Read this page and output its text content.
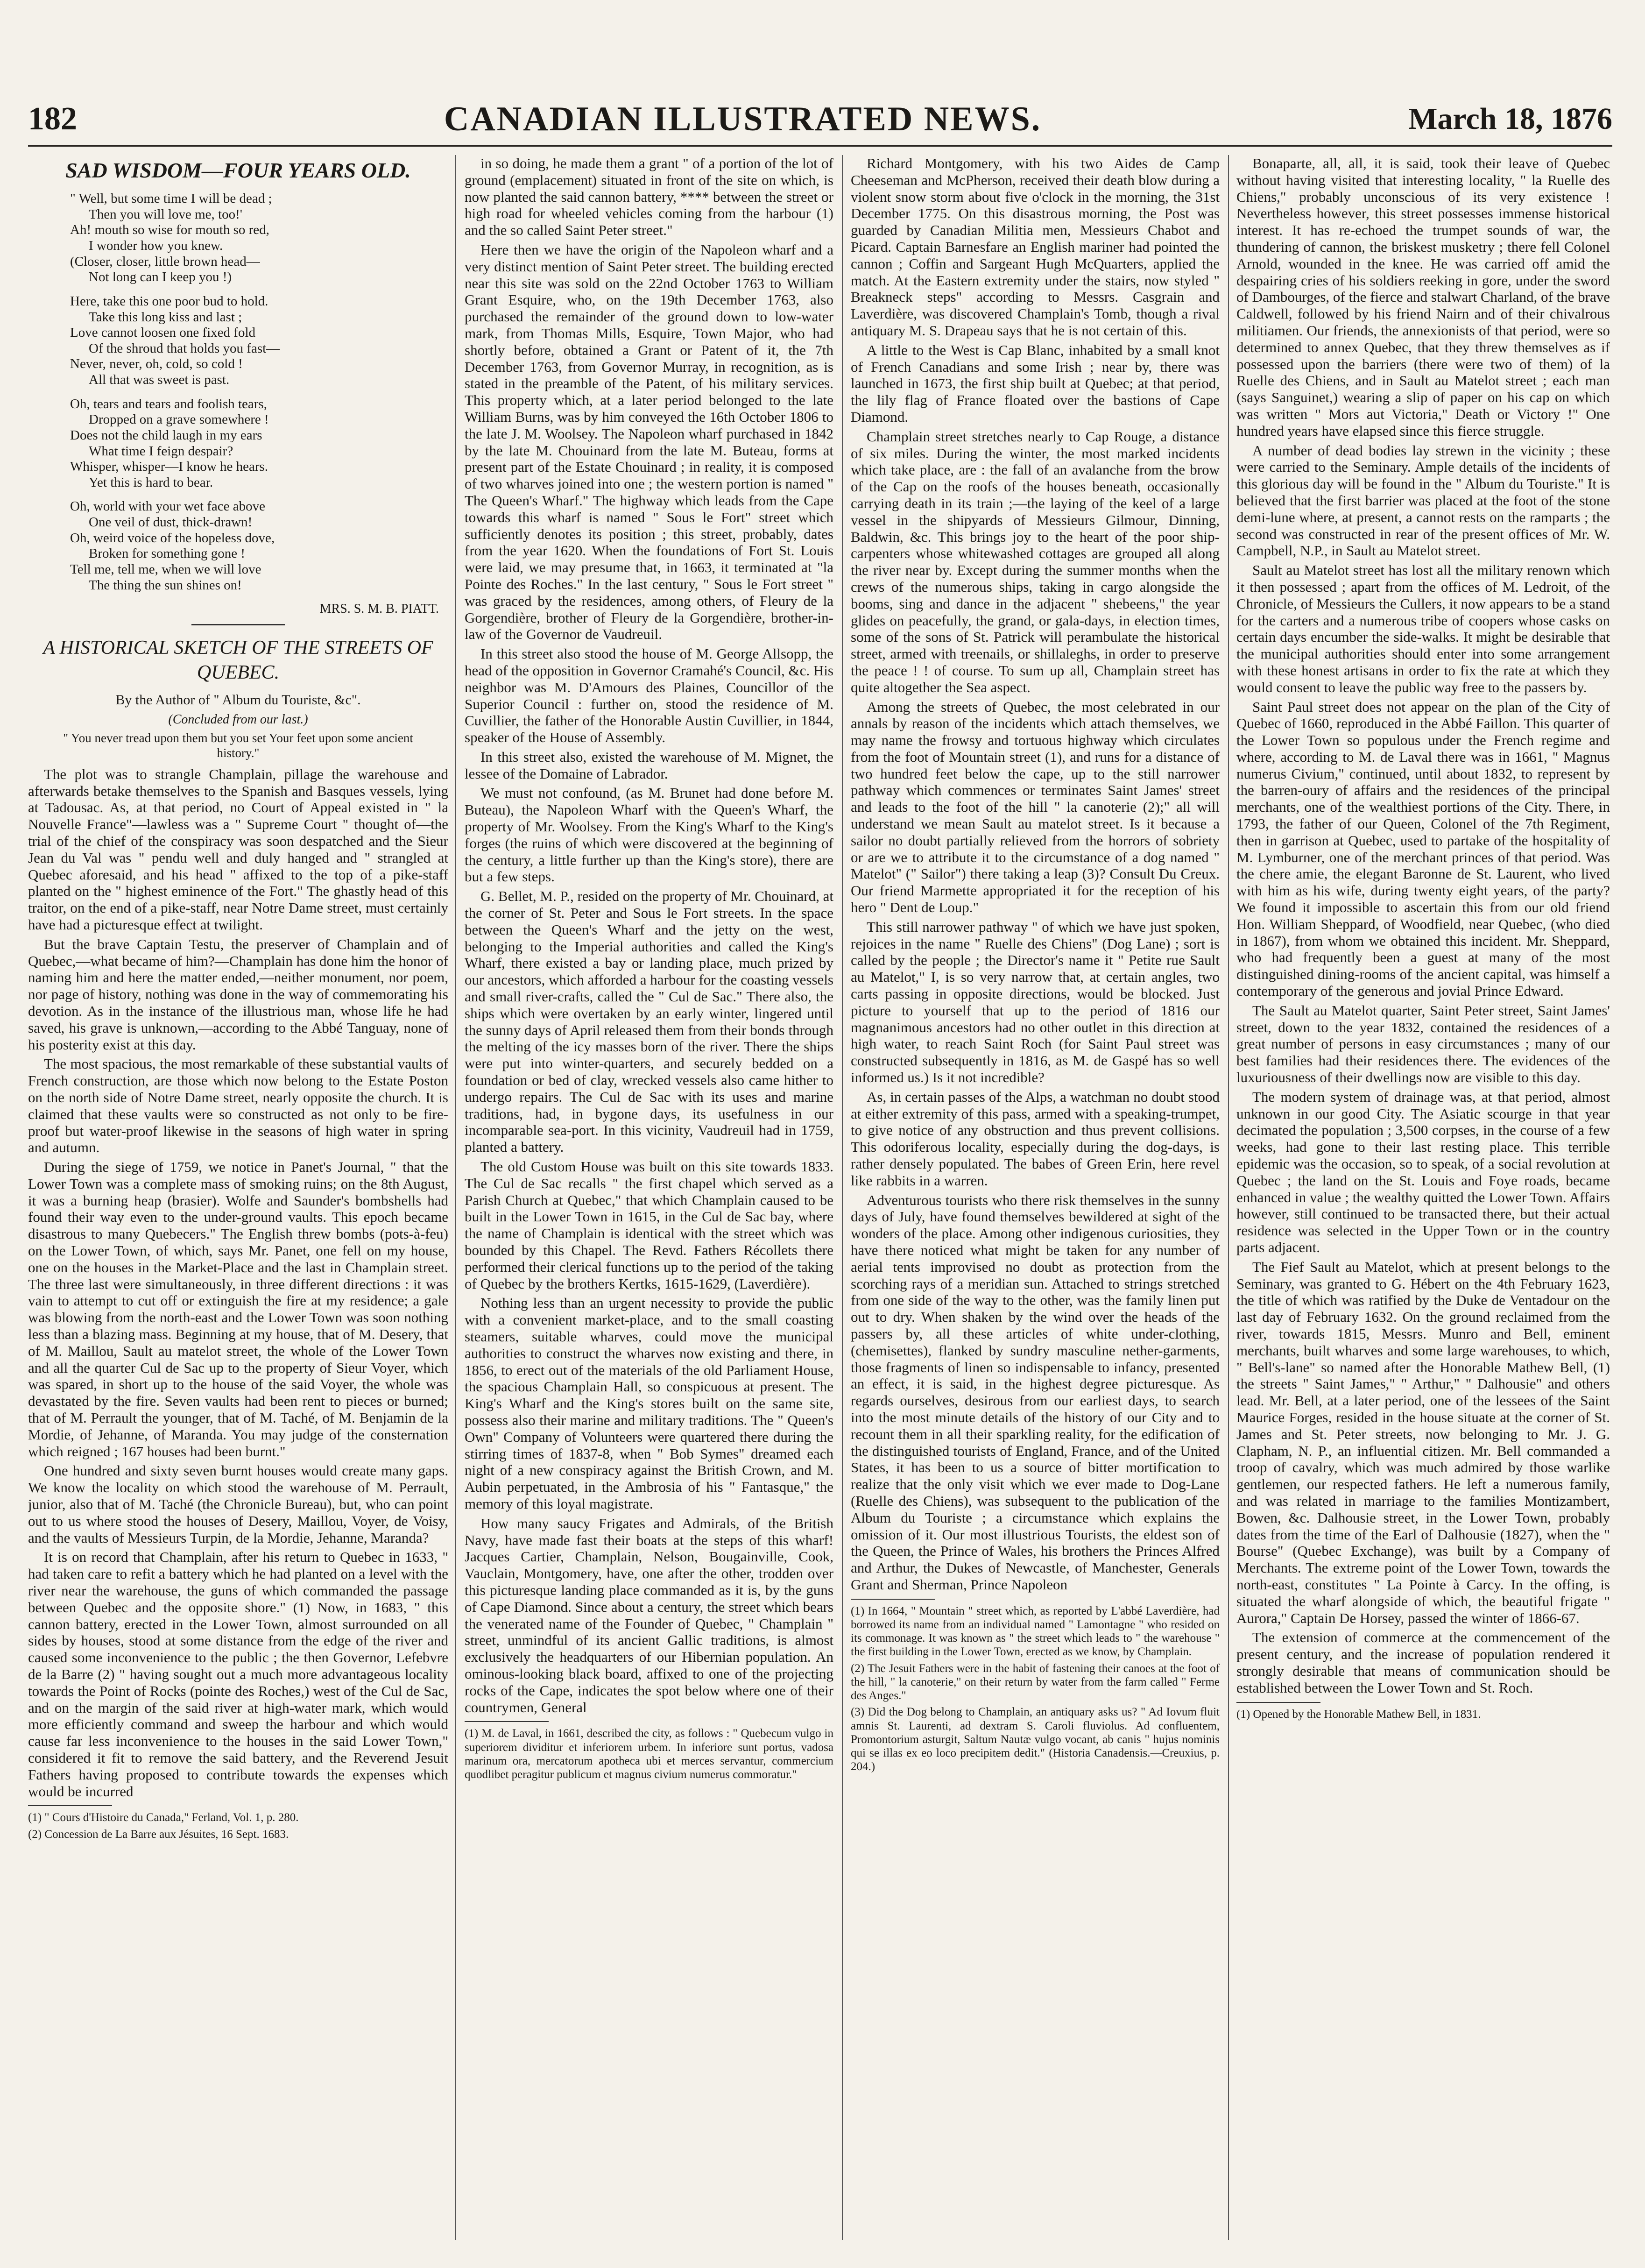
182	CANADIAN ILLUSTRATED NEWS.	March 18, 1876
SAD WISDOM—FOUR YEARS OLD.
" Well, but some time I will be dead ;
Then you will love me, too!'
Ah! mouth so wise for mouth so red,
I wonder how you knew.
(Closer, closer, little brown head—
Not long can I keep you !)
Here, take this one poor bud to hold.
Take this long kiss and last ;
Love cannot loosen one fixed fold
Of the shroud that holds you fast—
Never, never, oh, cold, so cold !
All that was sweet is past.
Oh, tears and tears and foolish tears,
Dropped on a grave somewhere !
Does not the child laugh in my ears
What time I feign despair?
Whisper, whisper—I know he hears.
Yet this is hard to bear.
Oh, world with your wet face above
One veil of dust, thick-drawn!
Oh, weird voice of the hopeless dove,
Broken for something gone !
Tell me, tell me, when we will love
The thing the sun shines on!
MRS. S. M. B. PIATT.
A HISTORICAL SKETCH OF THE STREETS OF QUEBEC.
By the Author of " Album du Touriste, &c".
(Concluded from our last.)
" You never tread upon them but you set Your feet upon some ancient history."

The plot was to strangle Champlain, pillage the warehouse and afterwards betake themselves to the Spanish and Basques vessels, lying at Tadousac. As, at that period, no Court of Appeal existed in " la Nouvelle France"—lawless was a " Supreme Court " thought of—the trial of the chief of the conspiracy was soon despatched and the Sieur Jean du Val was " pendu well and duly hanged and " strangled at Quebec aforesaid, and his head " affixed to the top of a pike-staff planted on the " highest eminence of the Fort." The ghastly head of this traitor, on the end of a pike-staff, near Notre Dame street, must certainly have had a picturesque effect at twilight.

But the brave Captain Testu, the preserver of Champlain and of Quebec,—what became of him?—Champlain has done him the honor of naming him and here the matter ended,—neither monument, nor poem, nor page of history, nothing was done in the way of commemorating his devotion. As in the instance of the illustrious man, whose life he had saved, his grave is unknown,—according to the Abbé Tanguay, none of his posterity exist at this day.

The most spacious, the most remarkable of these substantial vaults of French construction, are those which now belong to the Estate Poston on the north side of Notre Dame street, nearly opposite the church. It is claimed that these vaults were so constructed as not only to be fire-proof but water-proof likewise in the seasons of high water in spring and autumn.

During the siege of 1759, we notice in Panet's Journal, " that the Lower Town was a complete mass of smoking ruins; on the 8th August, it was a burning heap (brasier). Wolfe and Saunder's bombshells had found their way even to the under-ground vaults. This epoch became disastrous to many Quebecers." The English threw bombs (pots-à-feu) on the Lower Town, of which, says Mr. Panet, one fell on my house, one on the houses in the Market-Place and the last in Champlain street. The three last were simultaneously, in three different directions : it was vain to attempt to cut off or extinguish the fire at my residence; a gale was blowing from the north-east and the Lower Town was soon nothing less than a blazing mass. Beginning at my house, that of M. Desery, that of M. Maillou, Sault au matelot street, the whole of the Lower Town and all the quarter Cul de Sac up to the property of Sieur Voyer, which was spared, in short up to the house of the said Voyer, the whole was devastated by the fire. Seven vaults had been rent to pieces or burned; that of M. Perrault the younger, that of M. Taché, of M. Benjamin de la Mordie, of Jehanne, of Maranda. You may judge of the consternation which reigned ; 167 houses had been burnt."

One hundred and sixty seven burnt houses would create many gaps. We know the locality on which stood the warehouse of M. Perrault, junior, also that of M. Taché (the Chronicle Bureau), but, who can point out to us where stood the houses of Desery, Maillou, Voyer, de Voisy, and the vaults of Messieurs Turpin, de la Mordie, Jehanne, Maranda?

It is on record that Champlain, after his return to Quebec in 1633, " had taken care to refit a battery which he had planted on a level with the river near the warehouse, the guns of which commanded the passage between Quebec and the opposite shore." (1) Now, in 1683, " this cannon battery, erected in the Lower Town, almost surrounded on all sides by houses, stood at some distance from the edge of the river and caused some inconvenience to the public ; the then Governor, Lefebvre de la Barre (2) " having sought out a much more advantageous locality towards the Point of Rocks (pointe des Roches,) west of the Cul de Sac, and on the margin of the said river at high-water mark, which would more efficiently command and sweep the harbour and which would cause far less inconvenience to the houses in the said Lower Town," considered it fit to remove the said battery, and the Reverend Jesuit Fathers having proposed to contribute towards the expenses which would be incurred

(1) " Cours d'Histoire du Canada," Ferland, Vol. 1, p. 280.

(2) Concession de La Barre aux Jésuites, 16 Sept. 1683.

in so doing, he made them a grant " of a portion of the lot of ground (emplacement) situated in front of the site on which, is now planted the said cannon battery, **** between the street or high road for wheeled vehicles coming from the harbour (1) and the so called Saint Peter street."

Here then we have the origin of the Napoleon wharf and a very distinct mention of Saint Peter street. The building erected near this site was sold on the 22nd October 1763 to William Grant Esquire, who, on the 19th December 1763, also purchased the remainder of the ground down to low-water mark, from Thomas Mills, Esquire, Town Major, who had shortly before, obtained a Grant or Patent of it, the 7th December 1763, from Governor Murray, in recognition, as is stated in the preamble of the Patent, of his military services. This property which, at a later period belonged to the late William Burns, was by him conveyed the 16th October 1806 to the late J. M. Woolsey. The Napoleon wharf purchased in 1842 by the late M. Chouinard from the late M. Buteau, forms at present part of the Estate Chouinard ; in reality, it is composed of two wharves joined into one ; the western portion is named " The Queen's Wharf." The highway which leads from the Cape towards this wharf is named " Sous le Fort" street which sufficiently denotes its position ; this street, probably, dates from the year 1620. When the foundations of Fort St. Louis were laid, we may presume that, in 1663, it terminated at "la Pointe des Roches." In the last century, " Sous le Fort street " was graced by the residences, among others, of Fleury de la Gorgendière, brother of Fleury de la Gorgendière, brother-in-law of the Governor de Vaudreuil.

In this street also stood the house of M. George Allsopp, the head of the opposition in Governor Cramahé's Council, &c. His neighbor was M. D'Amours des Plaines, Councillor of the Superior Council : further on, stood the residence of M. Cuvillier, the father of the Honorable Austin Cuvillier, in 1844, speaker of the House of Assembly.

In this street also, existed the warehouse of M. Mignet, the lessee of the Domaine of Labrador.

We must not confound, (as M. Brunet had done before M. Buteau), the Napoleon Wharf with the Queen's Wharf, the property of Mr. Woolsey. From the King's Wharf to the King's forges (the ruins of which were discovered at the beginning of the century, a little further up than the King's store), there are but a few steps.

G. Bellet, M. P., resided on the property of Mr. Chouinard, at the corner of St. Peter and Sous le Fort streets. In the space between the Queen's Wharf and the jetty on the west, belonging to the Imperial authorities and called the King's Wharf, there existed a bay or landing place, much prized by our ancestors, which afforded a harbour for the coasting vessels and small river-crafts, called the " Cul de Sac." There also, the ships which were overtaken by an early winter, lingered until the sunny days of April released them from their bonds through the melting of the icy masses born of the river. There the ships were put into winter-quarters, and securely bedded on a foundation or bed of clay, wrecked vessels also came hither to undergo repairs. The Cul de Sac with its uses and marine traditions, had, in bygone days, its usefulness in our incomparable sea-port. In this vicinity, Vaudreuil had in 1759, planted a battery.

The old Custom House was built on this site towards 1833. The Cul de Sac recalls " the first chapel which served as a Parish Church at Quebec," that which Champlain caused to be built in the Lower Town in 1615, in the Cul de Sac bay, where the name of Champlain is identical with the street which was bounded by this Chapel. The Revd. Fathers Récollets there performed their clerical functions up to the period of the taking of Quebec by the brothers Kertks, 1615-1629, (Laverdière).

Nothing less than an urgent necessity to provide the public with a convenient market-place, and to the small coasting steamers, suitable wharves, could move the municipal authorities to construct the wharves now existing and there, in 1856, to erect out of the materials of the old Parliament House, the spacious Champlain Hall, so conspicuous at present. The King's Wharf and the King's stores built on the same site, possess also their marine and military traditions. The " Queen's Own" Company of Volunteers were quartered there during the stirring times of 1837-8, when " Bob Symes" dreamed each night of a new conspiracy against the British Crown, and M. Aubin perpetuated, in the Ambrosia of his " Fantasque," the memory of this loyal magistrate.

How many saucy Frigates and Admirals, of the British Navy, have made fast their boats at the steps of this wharf! Jacques Cartier, Champlain, Nelson, Bougainville, Cook, Vauclain, Montgomery, have, one after the other, trodden over this picturesque landing place commanded as it is, by the guns of Cape Diamond. Since about a century, the street which bears the venerated name of the Founder of Quebec, " Champlain " street, unmindful of its ancient Gallic traditions, is almost exclusively the headquarters of our Hibernian population. An ominous-looking black board, affixed to one of the projecting rocks of the Cape, indicates the spot below where one of their countrymen, General

(1) M. de Laval, in 1661, described the city, as follows : " Quebecum vulgo in superiorem dividitur et inferiorem urbem. In inferiore sunt portus, vadosa marinum ora, mercatorum apotheca ubi et merces servantur, commercium quodlibet peragitur publicum et magnus civium numerus commoratur."

Richard Montgomery, with his two Aides de Camp Cheeseman and McPherson, received their death blow during a violent snow storm about five o'clock in the morning, the 31st December 1775. On this disastrous morning, the Post was guarded by Canadian Militia men, Messieurs Chabot and Picard. Captain Barnesfare an English mariner had pointed the cannon ; Coffin and Sargeant Hugh McQuarters, applied the match. At the Eastern extremity under the stairs, now styled " Breakneck steps" according to Messrs. Casgrain and Laverdière, was discovered Champlain's Tomb, though a rival antiquary M. S. Drapeau says that he is not certain of this.

A little to the West is Cap Blanc, inhabited by a small knot of French Canadians and some Irish ; near by, there was launched in 1673, the first ship built at Quebec; at that period, the lily flag of France floated over the bastions of Cape Diamond.

Champlain street stretches nearly to Cap Rouge, a distance of six miles. During the winter, the most marked incidents which take place, are : the fall of an avalanche from the brow of the Cap on the roofs of the houses beneath, occasionally carrying death in its train ;—the laying of the keel of a large vessel in the shipyards of Messieurs Gilmour, Dinning, Baldwin, &c. This brings joy to the heart of the poor ship-carpenters whose whitewashed cottages are grouped all along the river near by. Except during the summer months when the crews of the numerous ships, taking in cargo alongside the booms, sing and dance in the adjacent " shebeens," the year glides on peacefully, the grand, or gala-days, in election times, some of the sons of St. Patrick will perambulate the historical street, armed with treenails, or shillaleghs, in order to preserve the peace ! ! of course. To sum up all, Champlain street has quite altogether the Sea aspect.

Among the streets of Quebec, the most celebrated in our annals by reason of the incidents which attach themselves, we may name the frowsy and tortuous highway which circulates from the foot of Mountain street (1), and runs for a distance of two hundred feet below the cape, up to the still narrower pathway which commences or terminates Saint James' street and leads to the foot of the hill " la canoterie (2);" all will understand we mean Sault au matelot street. Is it because a sailor no doubt partially relieved from the horrors of sobriety or are we to attribute it to the circumstance of a dog named " Matelot" (" Sailor") there taking a leap (3)? Consult Du Creux. Our friend Marmette appropriated it for the reception of his hero " Dent de Loup."

This still narrower pathway " of which we have just spoken, rejoices in the name " Ruelle des Chiens" (Dog Lane) ; sort is called by the people ; the Director's name it " Petite rue Sault au Matelot," I, is so very narrow that, at certain angles, two carts passing in opposite directions, would be blocked. Just picture to yourself that up to the period of 1816 our magnanimous ancestors had no other outlet in this direction at high water, to reach Saint Roch (for Saint Paul street was constructed subsequently in 1816, as M. de Gaspé has so well informed us.) Is it not incredible?

As, in certain passes of the Alps, a watchman no doubt stood at either extremity of this pass, armed with a speaking-trumpet, to give notice of any obstruction and thus prevent collisions. This odoriferous locality, especially during the dog-days, is rather densely populated. The babes of Green Erin, here revel like rabbits in a warren.

Adventurous tourists who there risk themselves in the sunny days of July, have found themselves bewildered at sight of the wonders of the place. Among other indigenous curiosities, they have there noticed what might be taken for any number of aerial tents improvised no doubt as protection from the scorching rays of a meridian sun. Attached to strings stretched from one side of the way to the other, was the family linen put out to dry. When shaken by the wind over the heads of the passers by, all these articles of white under-clothing, (chemisettes), flanked by sundry masculine nether-garments, those fragments of linen so indispensable to infancy, presented an effect, it is said, in the highest degree picturesque. As regards ourselves, desirous from our earliest days, to search into the most minute details of the history of our City and to recount them in all their sparkling reality, for the edification of the distinguished tourists of England, France, and of the United States, it has been to us a source of bitter mortification to realize that the only visit which we ever made to Dog-Lane (Ruelle des Chiens), was subsequent to the publication of the Album du Touriste ; a circumstance which explains the omission of it. Our most illustrious Tourists, the eldest son of the Queen, the Prince of Wales, his brothers the Princes Alfred and Arthur, the Dukes of Newcastle, of Manchester, Generals Grant and Sherman, Prince Napoleon

(1) In 1664, " Mountain " street which, as reported by L'abbé Laverdière, had borrowed its name from an individual named " Lamontagne " who resided on its commonage. It was known as " the street which leads to " the warehouse " the first building in the Lower Town, erected as we know, by Champlain.

(2) The Jesuit Fathers were in the habit of fastening their canoes at the foot of the hill, " la canoterie," on their return by water from the farm called " Ferme des Anges."

(3) Did the Dog belong to Champlain, an antiquary asks us? " Ad Iovum fluit amnis St. Laurenti, ad dextram S. Caroli fluviolus. Ad confluentem, Promontorium asturgit, Saltum Nautæ vulgo vocant, ab canis " hujus nominis qui se illas ex eo loco precipitem dedit." (Historia Canadensis.—Creuxius, p. 204.)

Bonaparte, all, all, it is said, took their leave of Quebec without having visited that interesting locality, " la Ruelle des Chiens," probably unconscious of its very existence ! Nevertheless however, this street possesses immense historical interest. It has re-echoed the trumpet sounds of war, the thundering of cannon, the briskest musketry ; there fell Colonel Arnold, wounded in the knee. He was carried off amid the despairing cries of his soldiers reeking in gore, under the sword of Dambourges, of the fierce and stalwart Charland, of the brave Caldwell, followed by his friend Nairn and of their chivalrous militiamen. Our friends, the annexionists of that period, were so determined to annex Quebec, that they threw themselves as if possessed upon the barriers (there were two of them) of la Ruelle des Chiens, and in Sault au Matelot street ; each man (says Sanguinet,) wearing a slip of paper on his cap on which was written " Mors aut Victoria," Death or Victory !" One hundred years have elapsed since this fierce struggle.

A number of dead bodies lay strewn in the vicinity ; these were carried to the Seminary. Ample details of the incidents of this glorious day will be found in the " Album du Touriste." It is believed that the first barrier was placed at the foot of the stone demi-lune where, at present, a cannot rests on the ramparts ; the second was constructed in rear of the present offices of Mr. W. Campbell, N.P., in Sault au Matelot street.

Sault au Matelot street has lost all the military renown which it then possessed ; apart from the offices of M. Ledroit, of the Chronicle, of Messieurs the Cullers, it now appears to be a stand for the carters and a numerous tribe of coopers whose casks on certain days encumber the side-walks. It might be desirable that the municipal authorities should enter into some arrangement with these honest artisans in order to fix the rate at which they would consent to leave the public way free to the passers by.

Saint Paul street does not appear on the plan of the City of Quebec of 1660, reproduced in the Abbé Faillon. This quarter of the Lower Town so populous under the French regime and where, according to M. de Laval there was in 1661, " Magnus numerus Civium," continued, until about 1832, to represent by the barren-oury of affairs and the residences of the principal merchants, one of the wealthiest portions of the City. There, in 1793, the father of our Queen, Colonel of the 7th Regiment, then in garrison at Quebec, used to partake of the hospitality of M. Lymburner, one of the merchant princes of that period. Was the chere amie, the elegant Baronne de St. Laurent, who lived with him as his wife, during twenty eight years, of the party? We found it impossible to ascertain this from our old friend Hon. William Sheppard, of Woodfield, near Quebec, (who died in 1867), from whom we obtained this incident. Mr. Sheppard, who had frequently been a guest at many of the most distinguished dining-rooms of the ancient capital, was himself a contemporary of the generous and jovial Prince Edward.

The Sault au Matelot quarter, Saint Peter street, Saint James' street, down to the year 1832, contained the residences of a great number of persons in easy circumstances ; many of our best families had their residences there. The evidences of the luxuriousness of their dwellings now are visible to this day.

The modern system of drainage was, at that period, almost unknown in our good City. The Asiatic scourge in that year decimated the population ; 3,500 corpses, in the course of a few weeks, had gone to their last resting place. This terrible epidemic was the occasion, so to speak, of a social revolution at Quebec ; the land on the St. Louis and Foye roads, became enhanced in value ; the wealthy quitted the Lower Town. Affairs however, still continued to be transacted there, but their actual residence was selected in the Upper Town or in the country parts adjacent.

The Fief Sault au Matelot, which at present belongs to the Seminary, was granted to G. Hébert on the 4th February 1623, the title of which was ratified by the Duke de Ventadour on the last day of February 1632. On the ground reclaimed from the river, towards 1815, Messrs. Munro and Bell, eminent merchants, built wharves and some large warehouses, to which, " Bell's-lane" so named after the Honorable Mathew Bell, (1) the streets " Saint James," " Arthur," " Dalhousie" and others lead. Mr. Bell, at a later period, one of the lessees of the Saint Maurice Forges, resided in the house situate at the corner of St. James and St. Peter streets, now belonging to Mr. J. G. Clapham, N. P., an influential citizen. Mr. Bell commanded a troop of cavalry, which was much admired by those warlike gentlemen, our respected fathers. He left a numerous family, and was related in marriage to the families Montizambert, Bowen, &c. Dalhousie street, in the Lower Town, probably dates from the time of the Earl of Dalhousie (1827), when the " Bourse" (Quebec Exchange), was built by a Company of Merchants. The extreme point of the Lower Town, towards the north-east, constitutes " La Pointe à Carcy. In the offing, is situated the wharf alongside of which, the beautiful frigate " Aurora," Captain De Horsey, passed the winter of 1866-67.

The extension of commerce at the commencement of the present century, and the increase of population rendered it strongly desirable that means of communication should be established between the Lower Town and St. Roch.

(1) Opened by the Honorable Mathew Bell, in 1831.
